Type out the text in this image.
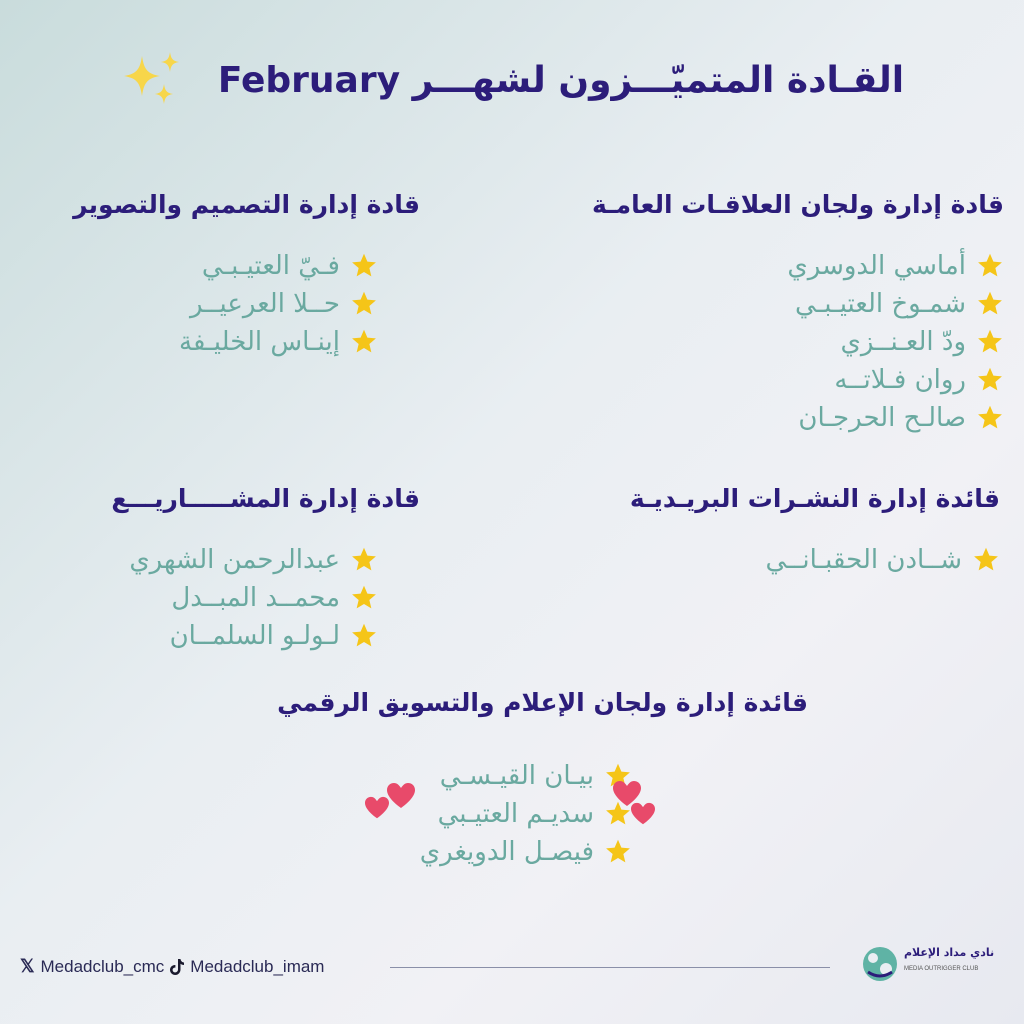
القـادة المتميّـــزون لشهـــر February
قادة إدارة ولجان العلاقـات العامـة
أماسي الدوسري
شمـوخ العتيـبـي
ودّ العـنــزي
روان فـلاتــه
صالـح الحرجـان
قادة إدارة التصميم والتصوير
فـيّ العتيـبـي
حــلا العرعيــر
إينـاس الخليـفة
قائدة إدارة النشـرات البريـديـة
شــادن الحقبـانــي
قادة إدارة المشـــــاريـــع
عبدالرحمن الشهري
محمــد المبــدل
لـولـو السلمــان
قائدة إدارة ولجان الإعلام والتسويق الرقمي
بيـان القيـسـي
سديـم العتيـبي
فيصـل الدويغري
𝕏 Medadclub_cmc Medadclub_imam
نادي مداد الإعلام
MEDIA OUTRIGGER CLUB
